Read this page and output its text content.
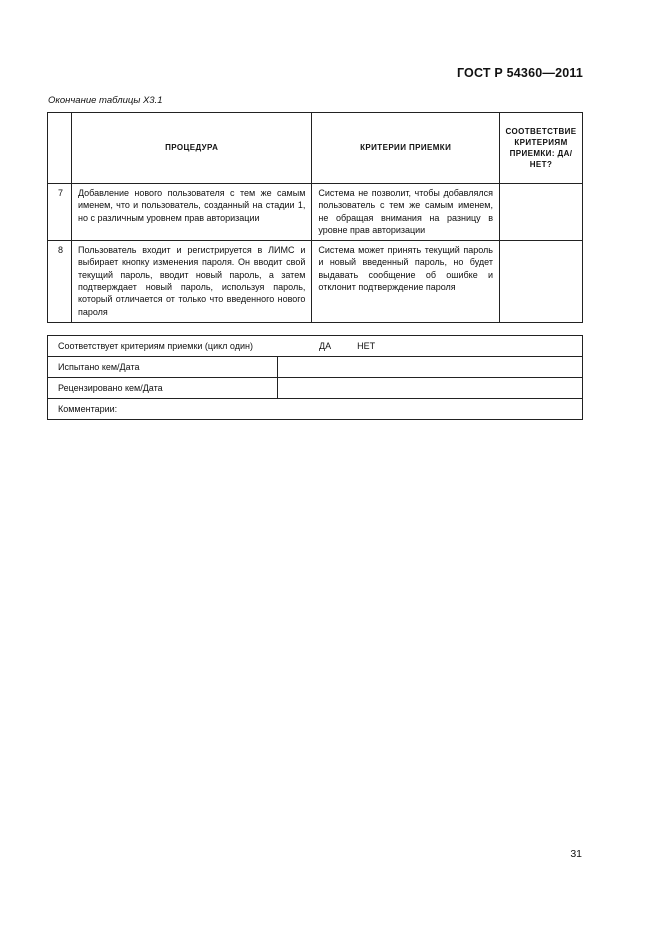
ГОСТ Р 54360—2011
Окончание таблицы Х3.1
	ПРОЦЕДУРА	КРИТЕРИИ ПРИЕМКИ	СООТВЕТСТВИЕ КРИТЕРИЯМ ПРИЕМКИ: ДА/НЕТ?
7	Добавление нового пользователя с тем же самым именем, что и пользователь, созданный на стадии 1, но с различным уровнем прав авторизации	Система не позволит, чтобы добавлялся пользователь с тем же самым именем, не обращая внимания на разницу в уровне прав авторизации	
8	Пользователь входит и регистрируется в ЛИМС и выбирает кнопку изменения пароля. Он вводит свой текущий пароль, вводит новый пароль, а затем подтверждает новый пароль, используя пароль, который отличается от только что введенного нового пароля	Система может принять текущий пароль и новый введенный пароль, но будет выдавать сообщение об ошибке и отклонит подтверждение пароля	
Соответствует критериям приемки (цикл один) ДА НЕТ	
Испытано кем/Дата	
Рецензировано кем/Дата	
Комментарии:	
31
